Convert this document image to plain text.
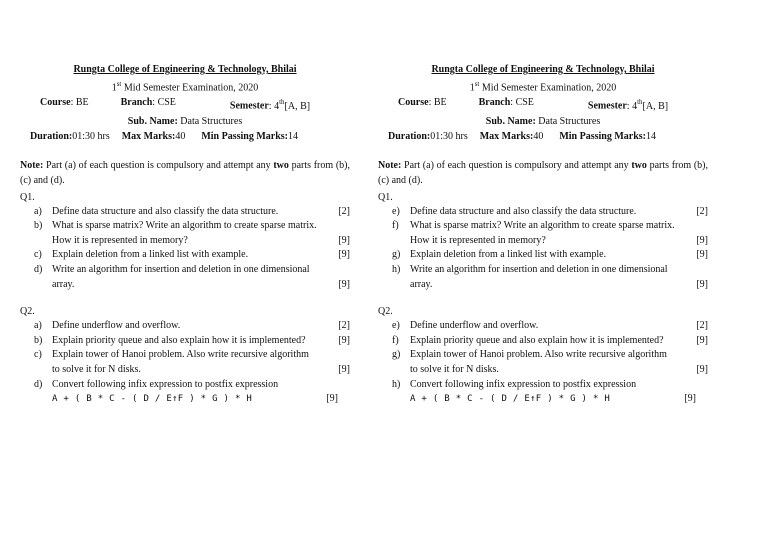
Rungta College of Engineering & Technology, Bhilai
1st Mid Semester Examination, 2020
Course: BE	Branch: CSE	Semester: 4th[A, B]
Sub. Name: Data Structures
Duration:01:30 hrs Max Marks:40 Min Passing Marks:14
Note: Part (a) of each question is compulsory and attempt any two parts from (b), (c) and (d).
Q1.
a)	Define data structure and also classify the data structure.	[2]
b) What is sparse matrix? Write an algorithm to create sparse matrix.
How it is represented in memory?	[9]
c)	Explain deletion from a linked list with example.	[9]
d) Write an algorithm for insertion and deletion in one dimensional
array.	[9]
Q2.
a)	Define underflow and overflow.	[2]
b) Explain priority queue and also explain how it is implemented?	[9]
c)	Explain tower of Hanoi problem. Also write recursive algorithm
to solve it for N disks.	[9]
d) Convert following infix expression to postfix expression
A + ( B * C - ( D / E↑F ) * G ) * H	[9]
Rungta College of Engineering & Technology, Bhilai
1st Mid Semester Examination, 2020
Course: BE	Branch: CSE	Semester: 4th[A, B]
Sub. Name: Data Structures
Duration:01:30 hrs Max Marks:40 Min Passing Marks:14
Note: Part (a) of each question is compulsory and attempt any two parts from (b), (c) and (d).
Q1.
e)	Define data structure and also classify the data structure.	[2]
f)	What is sparse matrix? Write an algorithm to create sparse matrix.
How it is represented in memory?	[9]
g) Explain deletion from a linked list with example.	[9]
h) Write an algorithm for insertion and deletion in one dimensional
array.	[9]
Q2.
e)	Define underflow and overflow.	[2]
f)	Explain priority queue and also explain how it is implemented?	[9]
g) Explain tower of Hanoi problem. Also write recursive algorithm
to solve it for N disks.	[9]
h) Convert following infix expression to postfix expression
A + ( B * C - ( D / E↑F ) * G ) * H	[9]
